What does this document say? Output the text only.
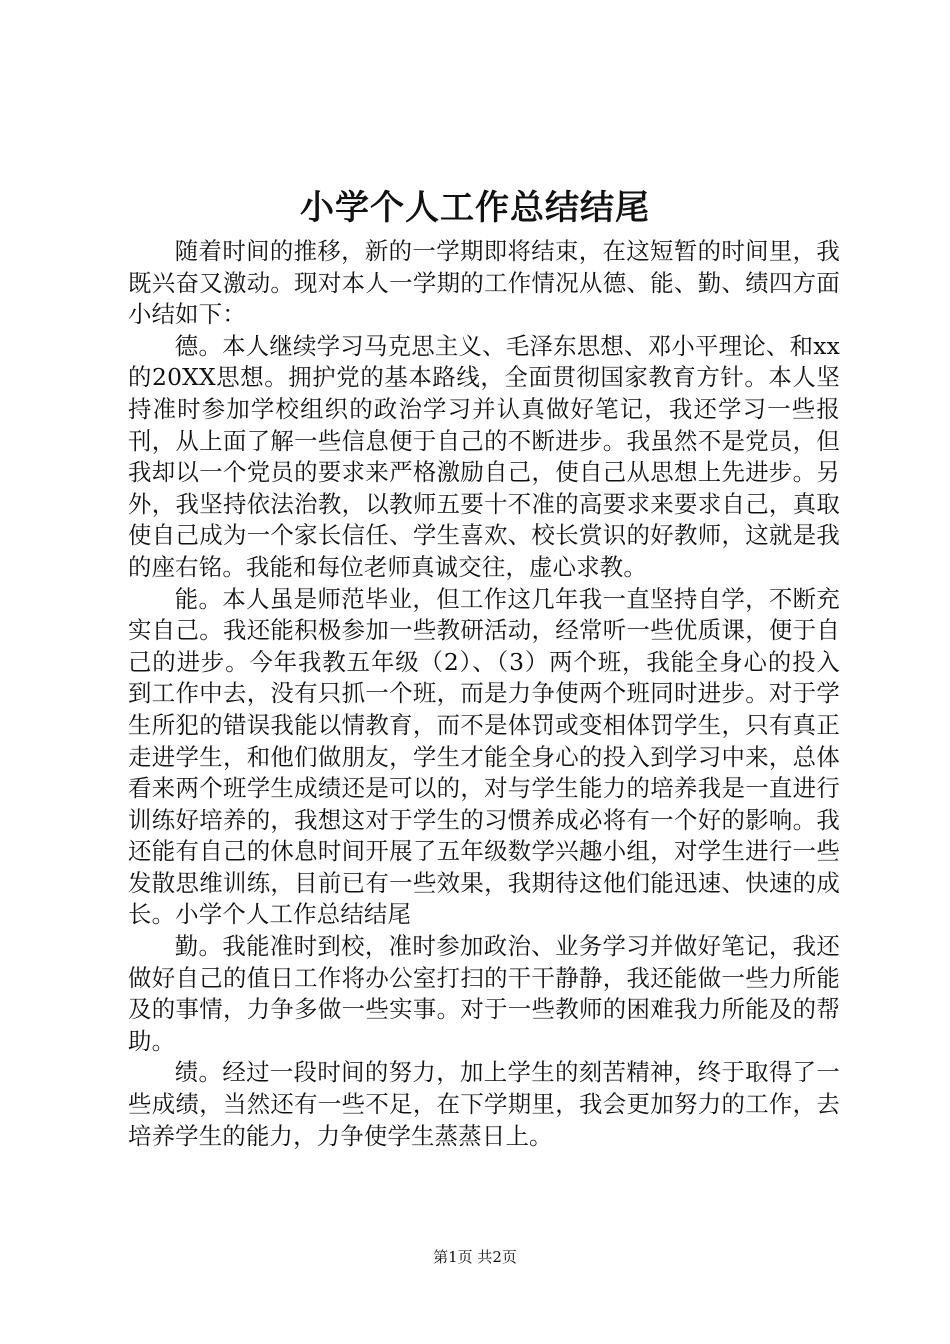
小学个人工作总结结尾

随着时间的推移，新的一学期即将结束，在这短暂的时间里，我既兴奋又激动。现对本人一学期的工作情况从德、能、勤、绩四方面小结如下：

德。本人继续学习马克思主义、毛泽东思想、邓小平理论、和xx的20XX思想。拥护党的基本路线，全面贯彻国家教育方针。本人坚持准时参加学校组织的政治学习并认真做好笔记，我还学习一些报刊，从上面了解一些信息便于自己的不断进步。我虽然不是党员，但我却以一个党员的要求来严格激励自己，使自己从思想上先进步。另外，我坚持依法治教，以教师五要十不准的高要求来要求自己，真取使自己成为一个家长信任、学生喜欢、校长赏识的好教师，这就是我的座右铭。我能和每位老师真诚交往，虚心求教。

能。本人虽是师范毕业，但工作这几年我一直坚持自学，不断充实自己。我还能积极参加一些教研活动，经常听一些优质课，便于自己的进步。今年我教五年级（2）、（3）两个班，我能全身心的投入到工作中去，没有只抓一个班，而是力争使两个班同时进步。对于学生所犯的错误我能以情教育，而不是体罚或变相体罚学生，只有真正走进学生，和他们做朋友，学生才能全身心的投入到学习中来，总体看来两个班学生成绩还是可以的，对与学生能力的培养我是一直进行训练好培养的，我想这对于学生的习惯养成必将有一个好的影响。我还能有自己的休息时间开展了五年级数学兴趣小组，对学生进行一些发散思维训练，目前已有一些效果，我期待这他们能迅速、快速的成长。小学个人工作总结结尾

勤。我能准时到校，准时参加政治、业务学习并做好笔记，我还做好自己的值日工作将办公室打扫的干干静静，我还能做一些力所能及的事情，力争多做一些实事。对于一些教师的困难我力所能及的帮助。

绩。经过一段时间的努力，加上学生的刻苦精神，终于取得了一些成绩，当然还有一些不足，在下学期里，我会更加努力的工作，去培养学生的能力，力争使学生蒸蒸日上。

第1页 共2页
